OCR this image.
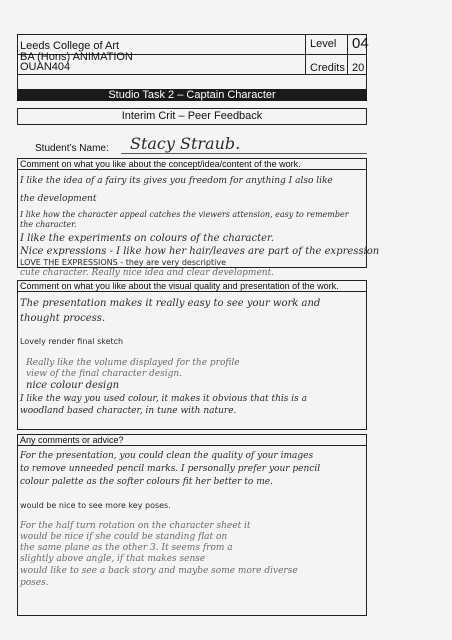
Leeds College of Art
BA (Hons) ANIMATION
OUAN404
Level 04
Credits 20
Studio Task 2 – Captain Character
Interim Crit – Peer Feedback
Student’s Name: Stacy Straub.
Comment on what you like about the concept/idea/content of the work.
I like the idea of a fairy its gives you freedom for anything I also like
the development
I like how the character appeal catches the viewers attension, easy to remember
the character.
I like the experiments on colours of the character.
Nice expressions - I like how her hair/leaves are part of the expression
LOVE THE EXPRESSIONS - they are very descriptive
cute character. Really nice idea and clear development.
Comment on what you like about the visual quality and presentation of the work.
The presentation makes it really easy to see your work and
thought process.
Lovely render final sketch
Really like the volume displayed for the profile
view of the final character design.
nice colour design
I like the way you used colour, it makes it obvious that this is a
woodland based character, in tune with nature.
Any comments or advice?
For the presentation, you could clean the quality of your images
to remove unneeded pencil marks. I personally prefer your pencil
colour palette as the softer colours fit her better to me.
would be nice to see more key poses.
For the half turn rotation on the character sheet it
would be nice if she could be standing flat on
the same plane as the other 3. It seems from a
slightly above angle, if that makes sense
would like to see a back story and maybe some more diverse
poses.
